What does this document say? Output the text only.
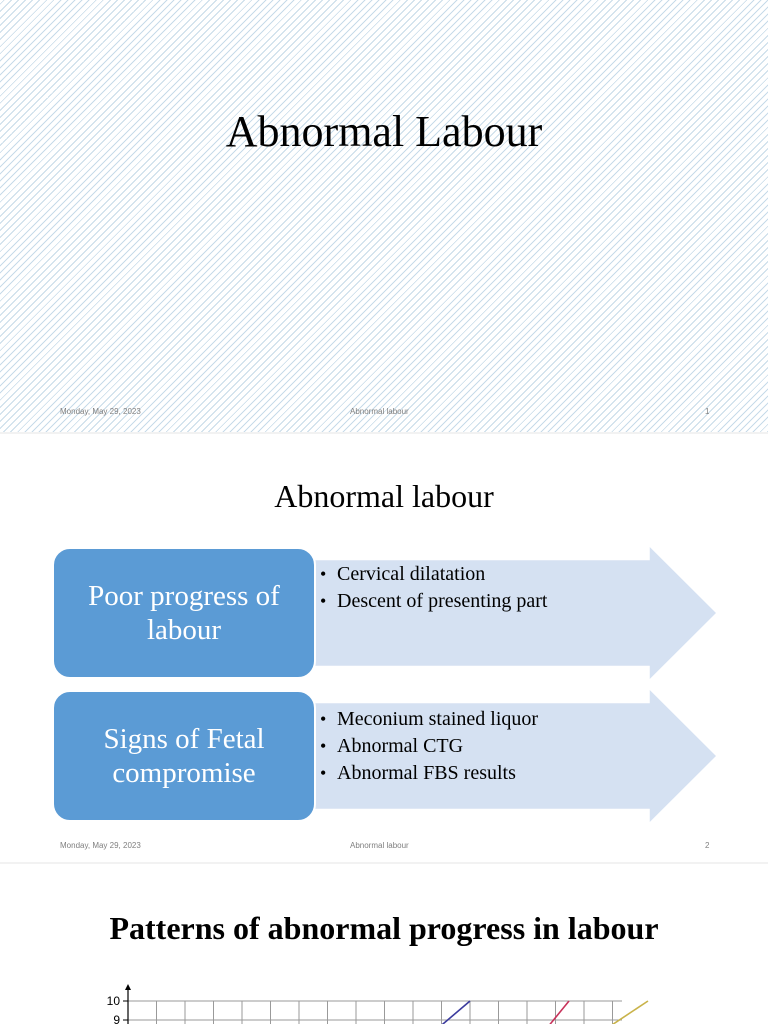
Abnormal Labour
Monday, May 29, 2023	Abnormal labour	1
Abnormal labour
Poor progress of labour
• Cervical dilatation
• Descent of presenting part
Signs of Fetal compromise
• Meconium stained liquor
• Abnormal CTG
• Abnormal FBS results
Monday, May 29, 2023	Abnormal labour	2
Patterns of abnormal progress in labour
10
9
